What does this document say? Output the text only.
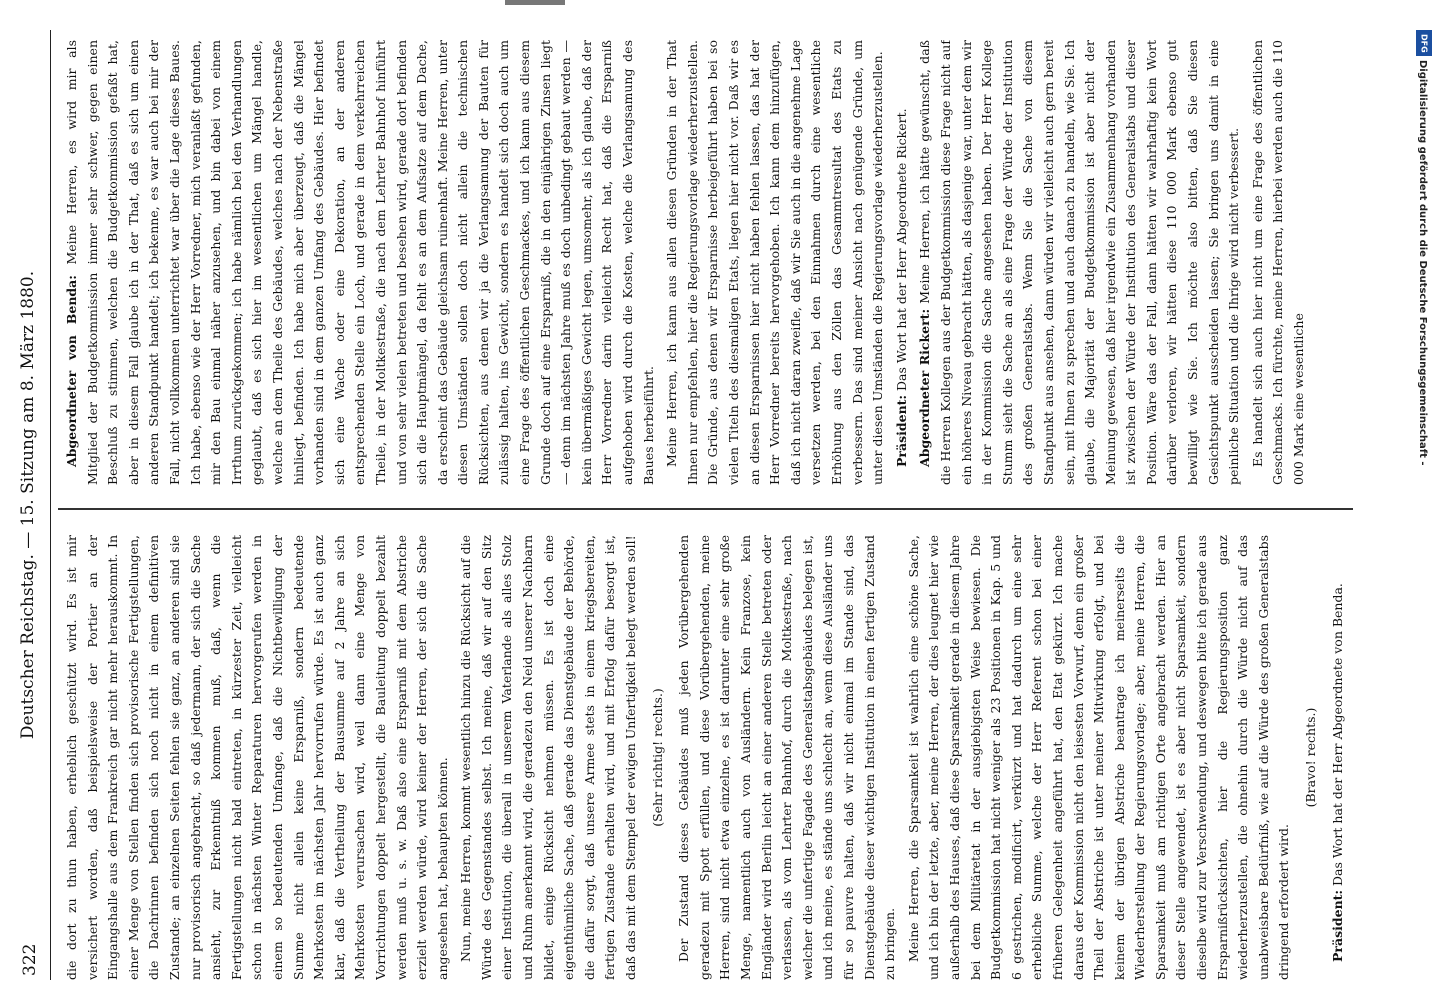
322
Deutscher Reichstag. — 15. Sitzung am 8. März 1880.

die dort zu thun haben, erheblich geschützt wird. Es ist mir versichert worden, daß beispielsweise der Portier an der Eingangshalle aus dem Frankreich gar nicht mehr herauskommt. In einer Menge von Stellen finden sich provisorische Fertigstellungen, die Dachrinnen befinden sich noch nicht in einem definitiven Zustande; an einzelnen Seiten fehlen sie ganz, an anderen sind sie nur provisorisch angebracht, so daß jedermann, der sich die Sache ansieht, zur Erkenntniß kommen muß, daß, wenn die Fertigstellungen nicht bald eintreten, in kürzester Zeit, vielleicht schon in nächsten Winter Reparaturen hervorgerufen werden in einem so bedeutenden Umfange, daß die Nichtbewilligung der Summe nicht allein keine Ersparniß, sondern bedeutende Mehrkosten im nächsten Jahr hervorrufen würde. Es ist auch ganz klar, daß die Vertheilung der Bausumme auf 2 Jahre an sich Mehrkosten verursachen wird, weil dann eine Menge von Vorrichtungen doppelt hergestellt, die Bauleitung doppelt bezahlt werden muß u. s. w. Daß also eine Ersparniß mit dem Abstriche erzielt werden würde, wird keiner der Herren, der sich die Sache angesehen hat, behaupten können. Nun, meine Herren, kommt wesentlich hinzu die Rücksicht auf die Würde des Gegenstandes selbst. Ich meine, daß wir auf den Sitz einer Institution, die überall in unserem Vaterlande als alles Stolz und Ruhm anerkannt wird, die geradezu den Neid unserer Nachbarn bildet, einige Rücksicht nehmen müssen. Es ist doch eine eigenthümliche Sache, daß gerade das Dienstgebäude der Behörde, die dafür sorgt, daß unsere Armee stets in einem kriegsbereiten, fertigen Zustande erhalten wird, und mit Erfolg dafür besorgt ist, daß das mit dem Stempel der ewigen Unfertigkeit belegt werden soll! (Sehr richtig! rechts.) Der Zustand dieses Gebäudes muß jeden Vorübergehenden geradezu mit Spott erfüllen, und diese Vorübergehenden, meine Herren, sind nicht etwa einzelne, es ist darunter eine sehr große Menge, namentlich auch von Ausländern. Kein Franzose, kein Engländer wird Berlin leicht an einer anderen Stelle betreten oder verlassen, als vom Lehrter Bahnhof, durch die Moltkestraße, nach welcher die unfertige Fagade des Generalstabsgebäudes belegen ist, und ich meine, es stände uns schlecht an, wenn diese Ausländer uns für so pauvre halten, daß wir nicht einmal im Stande sind, das Dienstgebäude dieser wichtigen Institution in einen fertigen Zustand zu bringen. Meine Herren, die Sparsamkeit ist wahrlich eine schöne Sache, und ich bin der letzte, aber, meine Herren, der dies leugnet hier wie außerhalb des Hauses, daß diese Sparsamkeit gerade in diesem Jahre bei dem Militäretat in der ausgiebigsten Weise bewiesen. Die Budgetkommission hat nicht weniger als 23 Positionen in Kap. 5 und 6 gestrichen, modificirt, verkürzt und hat dadurch um eine sehr erhebliche Summe, welche der Herr Referent schon bei einer früheren Gelegenheit angeführt hat, den Etat gekürzt. Ich mache daraus der Kommission nicht den leisesten Vorwurf, denn ein großer Theil der Abstriche ist unter meiner Mitwirkung erfolgt, und bei keinem der übrigen Abstriche beantrage ich meinerseits die Wiederherstellung der Regierungsvorlage; aber, meine Herren, die Sparsamkeit muß am richtigen Orte angebracht werden. Hier an dieser Stelle angewendet, ist es aber nicht Sparsamkeit, sondern dieselbe wird zur Verschwendung, und deswegen bitte ich gerade aus Ersparnißrücksichten, hier die Regierungsposition ganz wiederherzustellen, die ohnehin durch die Würde nicht auf das unabweisbare Bedürfniß, wie auf die Würde des großen Generalstabs dringend erfordert wird.

(Bravo! rechts.)

Präsident: Das Wort hat der Herr Abgeordnete von Benda.

Abgeordneter von Benda: Meine Herren, es wird mir als Mitglied der Budgetkommission immer sehr schwer, gegen einen Beschluß zu stimmen, welchen die Budgetkommission gefaßt hat, aber in diesem Fall glaube ich in der That, daß es sich um einen anderen Standpunkt handelt; ich bekenne, es war auch bei mir der Fall, nicht vollkommen unterrichtet war über die Lage dieses Baues. Ich habe, ebenso wie der Herr Vorredner, mich veranlaßt gefunden, mir den Bau einmal näher anzusehen, und bin dabei von einem Irrthum zurückgekommen; ich habe nämlich bei den Verhandlungen geglaubt, daß es sich hier im wesentlichen um Mängel handle, welche an dem Theile des Gebäudes, welches nach der Nebenstraße hinliegt, befinden. Ich habe mich aber überzeugt, daß die Mängel vorhanden sind in dem ganzen Umfang des Gebäudes. Hier befindet sich eine Wache oder eine Dekoration, an der anderen entsprechenden Stelle ein Loch, und gerade in dem verkehrreichen Theile, in der Moltkestraße, die nach dem Lehrter Bahnhof hinführt und von sehr vielen betreten und besehen wird, gerade dort befinden sich die Hauptmängel, da fehlt es an dem Aufsatze auf dem Dache, da erscheint das Gebäude gleichsam ruinenhaft. Meine Herren, unter diesen Umständen sollen doch nicht allein die technischen Rücksichten, aus denen wir ja die Verlangsamung der Bauten für zulässig halten, ins Gewicht, sondern es handelt sich doch auch um eine Frage des öffentlichen Geschmackes, und ich kann aus diesem Grunde doch auf eine Ersparniß, die in den einjährigen Zinsen liegt — denn im nächsten Jahre muß es doch unbedingt gebaut werden — kein übermäßiges Gewicht legen, umsomehr, als ich glaube, daß der Herr Vorredner darin vielleicht Recht hat, daß die Ersparniß aufgehoben wird durch die Kosten, welche die Verlangsamung des Baues herbeiführt. Meine Herren, ich kann aus allen diesen Gründen in der That Ihnen nur empfehlen, hier die Regierungsvorlage wiederherzustellen. Die Gründe, aus denen wir Ersparnisse herbeigeführt haben bei so vielen Titeln des diesmaligen Etats, liegen hier nicht vor. Daß wir es an diesen Ersparnissen hier nicht haben fehlen lassen, das hat der Herr Vorredner bereits hervorgehoben. Ich kann dem hinzufügen, daß ich nicht daran zweifle, daß wir Sie auch in die angenehme Lage versetzen werden, bei den Einnahmen durch eine wesentliche Erhöhung aus den Zöllen das Gesammtresultat des Etats zu verbessern. Das sind meiner Ansicht nach genügende Gründe, um unter diesen Umständen die Regierungsvorlage wiederherzustellen. Präsident: Das Wort hat der Herr Abgeordnete Rickert. Abgeordneter Rickert: Meine Herren, ich hätte gewünscht, daß die Herren Kollegen aus der Budgetkommission diese Frage nicht auf ein höheres Niveau gebracht hätten, als dasjenige war, unter dem wir in der Kommission die Sache angesehen haben. Der Herr Kollege Stumm sieht die Sache an als eine Frage der Würde der Institution des großen Generalstabs. Wenn Sie die Sache von diesem Standpunkt aus ansehen, dann würden wir vielleicht auch gern bereit sein, mit Ihnen zu sprechen und auch danach zu handeln, wie Sie. Ich glaube, die Majorität der Budgetkommission ist aber nicht der Meinung gewesen, daß hier irgendwie ein Zusammenhang vorhanden ist zwischen der Würde der Institution des Generalstabs und dieser Position. Wäre das der Fall, dann hätten wir wahrhaftig kein Wort darüber verloren, wir hätten diese 110 000 Mark ebenso gut bewilligt wie Sie. Ich möchte also bitten, daß Sie diesen Gesichtspunkt ausscheiden lassen; Sie bringen uns damit in eine peinliche Situation und die Ihrige wird nicht verbessert. Es handelt sich auch hier nicht um eine Frage des öffentlichen Geschmacks. Ich fürchte, meine Herren, hierbei werden auch die 110 000 Mark eine wesentliche

DFG
Digitalisierung gefördert durch die Deutsche Forschungsgemeinschaft -
